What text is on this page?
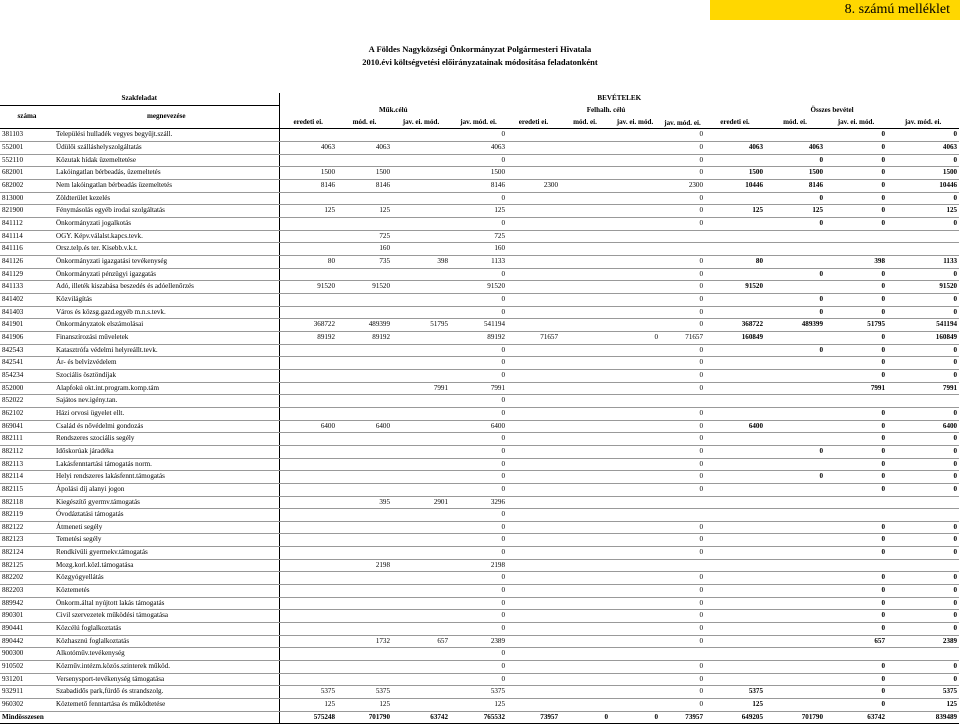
8. számú melléklet
A Földes Nagyközségi Önkormányzat Polgármesteri Hivatala
2010.évi költségvetési előirányzatainak módosítása feladatonként
Szakfeladat		BEVÉTELEK											
száma	megnevezése	Műk.célú				Felhalh. célú				Összes bevétel			
		eredeti ei.	mód. ei.	jav. ei. mód.	jav. mód. ei.	eredeti ei.	mód. ei.	jav. ei. mód.	jav. mód. ei.	eredeti ei.	mód. ei.	jav. ei. mód.	jav. mód. ei.
381103	Települési hulladék vegyes begyűjt.száll.				0				0			0	0
552001	Üdülői szálláshelyszolgáltatás	4063	4063		4063				0	4063	4063	0	4063
552110	Közutak hídak üzemeltetése				0				0		0	0	0
682001	Lakóingatlan bérbeadás, üzemeltetés	1500	1500		1500				0	1500	1500	0	1500
682002	Nem lakóingatlan bérbeadás üzemeltetés	8146	8146		8146	2300			2300	10446	8146	0	10446
813000	Zöldterület kezelés				0				0		0	0	0
821900	Fénymásolás egyéb irodai szolgáltatás	125	125		125				0	125	125	0	125
841112	Önkormányzati jogalkotás				0				0		0	0	0
841114	OGY. Képv.válalst.kapcs.tevk.		725		725								
841116	Orsz.telp.és ter. Kisebb.v.k.t.		160		160								
841126	Önkormányzati igazgatási tevékenység	80	735	398	1133				0	80		398	1133
841129	Önkormányzati pénzügyi igazgatás				0				0		0	0	0
841133	Adó, illeték kiszabása beszedés és adóellenőrzés	91520	91520		91520				0	91520		0	91520
841402	Közvilágítás				0				0		0	0	0
841403	Város és közsg.gazd.egyéb m.n.s.tevk.				0				0		0	0	0
841901	Önkormányzatok elszámolásai	368722	489399	51795	541194				0	368722	489399	51795	541194
841906	Finanszírozási műveletek	89192	89192		89192	71657		0	71657	160849		0	160849
842543	Katasztrófa védelmi helyreállt.tevk.				0				0		0	0	0
842541	Ár- és belvízvédelem				0				0			0	0
854234	Szociális ösztöndíjak				0				0			0	0
852000	Alapfokú okt.int.program.komp.tám			7991	7991				0			7991	7991
852022	Sajátos nev.igény.tan.				0								
862102	Házi orvosi ügyelet ellt.				0				0			0	0
869041	Család és nővédelmi gondozás	6400	6400		6400				0	6400		0	6400
882111	Rendszeres szociális segély				0				0			0	0
882112	Időskorúak járadéka				0				0		0	0	0
882113	Lakásfenntartási támogatás norm.				0				0			0	0
882114	Helyi rendszeres lakásfennt.támogatás				0				0		0	0	0
882115	Ápolási díj alanyi jogon				0				0			0	0
882118	Kiegészítő gyermv.támogatás		395	2901	3296								
882119	Óvodáztatási támogatás				0								
882122	Átmeneti segély				0				0			0	0
882123	Temetési segély				0				0			0	0
882124	Rendkívüli gyermekv.támogatás				0				0			0	0
882125	Mozg.korl.közl.támogatása		2198		2198								
882202	Közgyógyellátás				0				0			0	0
882203	Köztemetés				0				0			0	0
889942	Önkorm.által nyújtott lakás támogatás				0				0			0	0
890301	Civil szervezetek működési támogatása				0				0			0	0
890441	Közcélú foglalkoztatás				0				0			0	0
890442	Közhasznú foglalkoztatás		1732	657	2389				0			657	2389
900300	Alkotóműv.tevékenység				0								
910502	Közműv.intézm.közös.szinterek működ.				0				0			0	0
931201	Versenysport-tevékenység támogatása				0				0			0	0
932911	Szabadidős park,fürdő és strandszolg.	5375	5375		5375				0	5375		0	5375
960302	Köztemető fenntartása és működtetése	125	125		125				0	125		0	125
Mindösszesen		575248	701790	63742	765532	73957	0	0	73957	649205	701790	63742	839489
